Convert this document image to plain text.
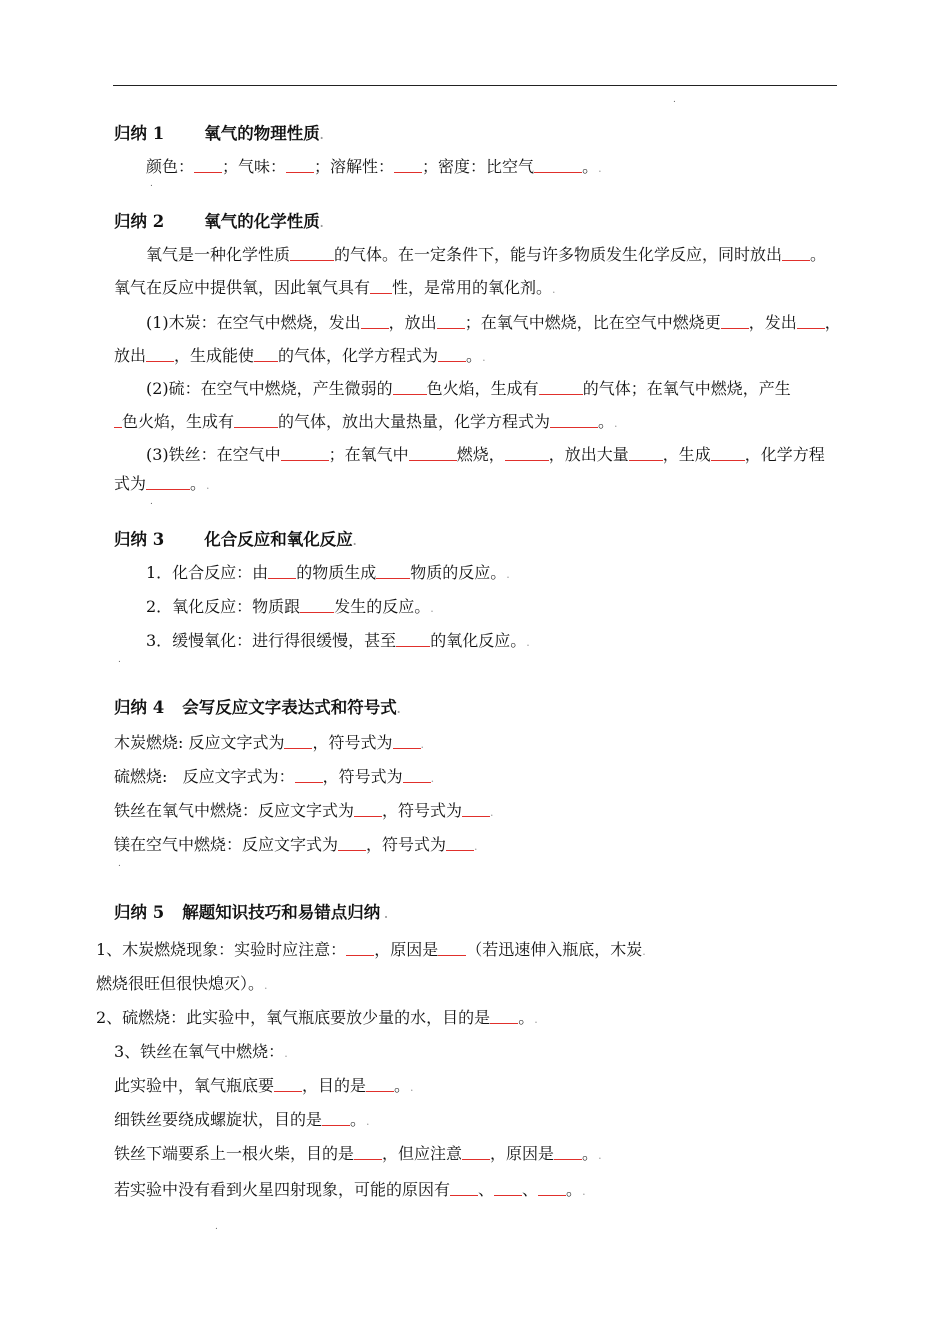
.
归纳 1 氧气的物理性质.
颜色： ；气味： ；溶解性： ；密度：比空气	。.
.
归纳 2 氧气的化学性质.
氧气是一种化学性质	的气体。在一定条件下，能与许多物质发生化学反应，同时放出 。
氧气在反应中提供氧，因此氧气具有 性，是常用的氧化剂。.
(1)木炭：在空气中燃烧，发出 ，放出 ；在氧气中燃烧，比在空气中燃烧更 ，发出 ，
放出 ，生成能使 的气体，化学方程式为 。.
(2)硫：在空气中燃烧，产生微弱的 色火焰，生成有	的气体；在氧气中燃烧，产生
色火焰，生成有	的气体，放出大量热量，化学方程式为	。.
(3)铁丝：在空气中	；在氧气中	燃烧，	，放出大量 ，生成 ，化学方程
式为	。.
.
归纳 3 化合反应和氧化反应.
1．化合反应：由 的物质生成 物质的反应。.
2．氧化反应：物质跟 发生的反应。.
3．缓慢氧化：进行得很缓慢，甚至 的氧化反应。.
.
归纳 4 会写反应文字表达式和符号式.
木炭燃烧: 反应文字式为 ，符号式为	.
硫燃烧:   反应文字式为： ，符号式为	.
铁丝在氧气中燃烧：反应文字式为 ，符号式为	.
镁在空气中燃烧：反应文字式为 ，符号式为	.
.
归纳 5 解题知识技巧和易错点归纳 .
1、木炭燃烧现象：实验时应注意： ，原因是 （若迅速伸入瓶底，木炭.
燃烧很旺但很快熄灭）。.
2、硫燃烧：此实验中，氧气瓶底要放少量的水，目的是 。.
3、铁丝在氧气中燃烧：.
此实验中，氧气瓶底要 ，目的是 。.
细铁丝要绕成螺旋状，目的是 。.
铁丝下端要系上一根火柴，目的是 ，但应注意 ，原因是 。.
若实验中没有看到火星四射现象，可能的原因有 、 、 。.
.
